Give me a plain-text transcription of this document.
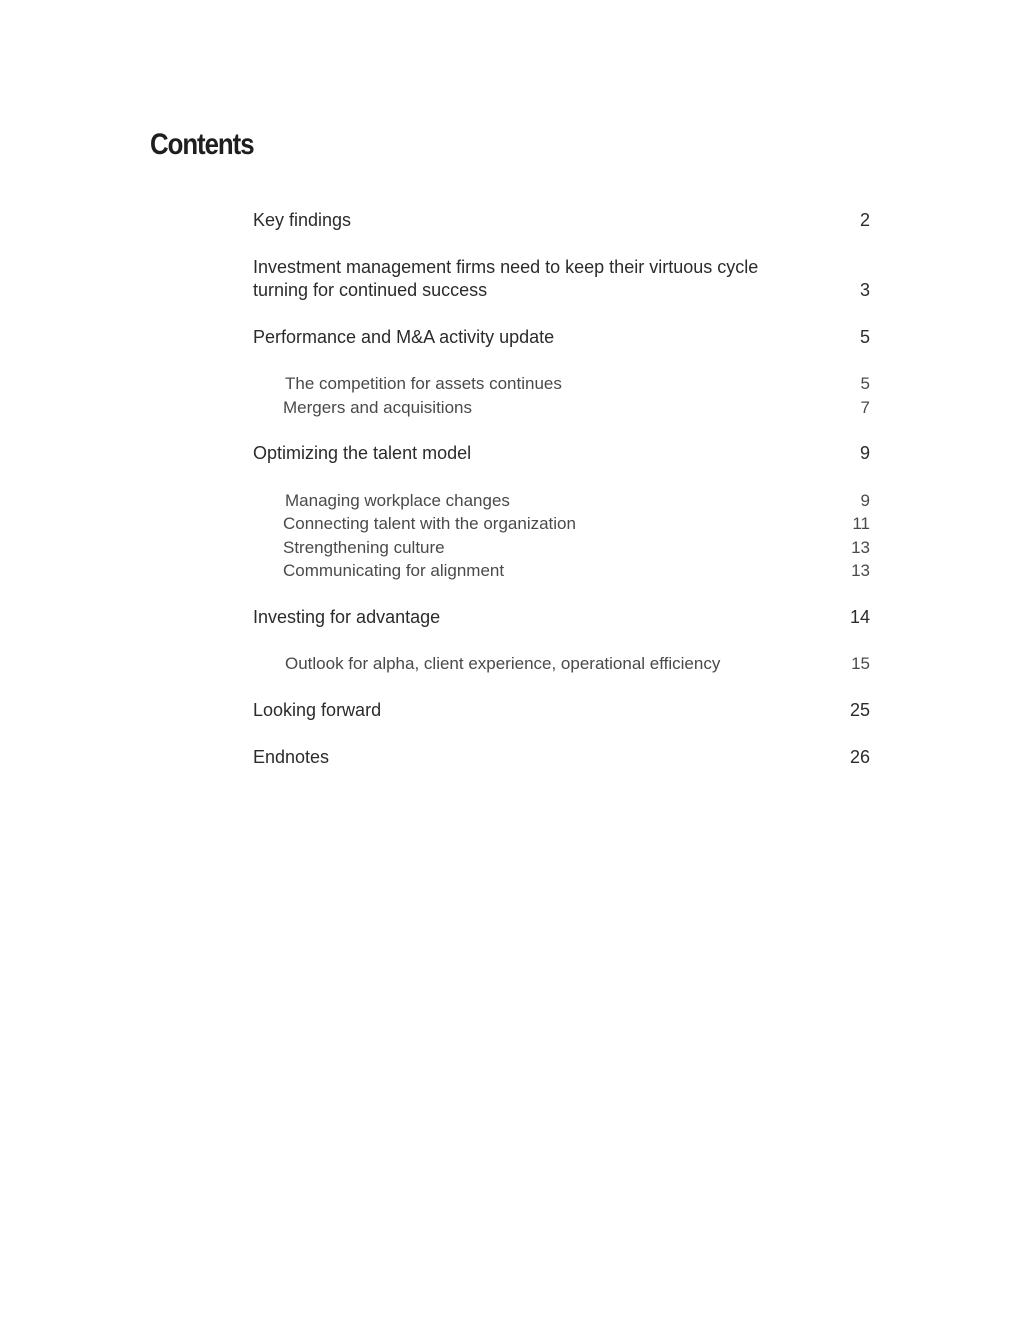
Contents
Key findings	2
Investment management firms need to keep their virtuous cycle turning for continued success	3
Performance and M&A activity update	5
The competition for assets continues	5
Mergers and acquisitions	7
Optimizing the talent model	9
Managing workplace changes	9
Connecting talent with the organization	11
Strengthening culture	13
Communicating for alignment	13
Investing for advantage	14
Outlook for alpha, client experience, operational efficiency	15
Looking forward	25
Endnotes	26
